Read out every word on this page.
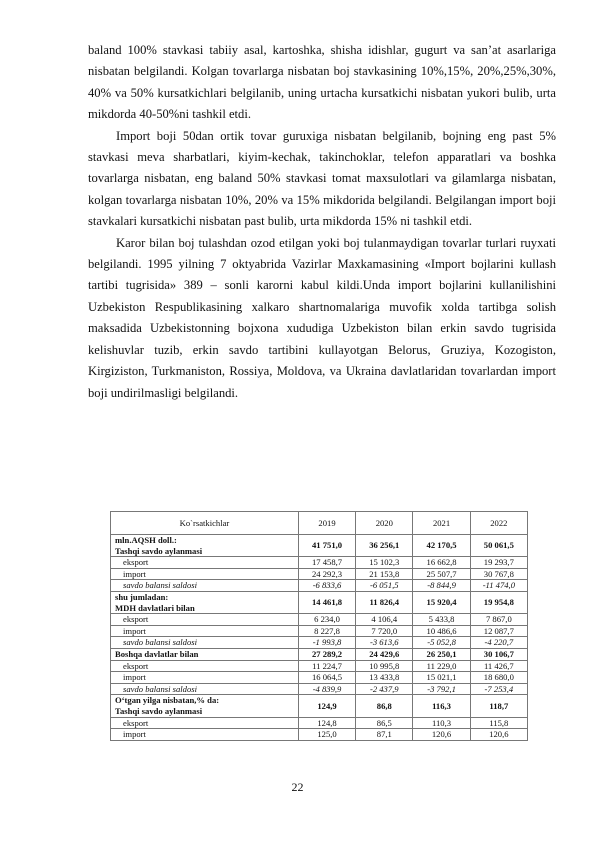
baland 100% stavkasi tabiiy asal, kartoshka, shisha idishlar, gugurt va san’at asarlariga nisbatan belgilandi. Kolgan tovarlarga nisbatan boj stavkasining 10%,15%, 20%,25%,30%, 40% va 50% kursatkichlari belgilanib, uning urtacha kursatkichi nisbatan yukori bulib, urta mikdorda 40-50%ni tashkil etdi.

Import boji 50dan ortik tovar guruxiga nisbatan belgilanib, bojning eng past 5% stavkasi meva sharbatlari, kiyim-kechak, takinchoklar, telefon apparatlari va boshka tovarlarga nisbatan, eng baland 50% stavkasi tomat maxsulotlari va gilamlarga nisbatan, kolgan tovarlarga nisbatan 10%, 20% va 15% mikdorida belgilandi. Belgilangan import boji stavkalari kursatkichi nisbatan past bulib, urta mikdorda 15% ni tashkil etdi.

Karor bilan boj tulashdan ozod etilgan yoki boj tulanmaydigan tovarlar turlari ruyxati belgilandi. 1995 yilning 7 oktyabrida Vazirlar Maxkamasining «Import bojlarini kullash tartibi tugrisida» 389 – sonli karorni kabul kildi.Unda import bojlarini kullanilishini Uzbekiston Respublikasining xalkaro shartnomalariga muvofik xolda tartibga solish maksadida Uzbekistonning bojxona xududiga Uzbekiston bilan erkin savdo tugrisida kelishuvlar tuzib, erkin savdo tartibini kullayotgan Belorus, Gruziya, Kozogiston, Kirgiziston, Turkmaniston, Rossiya, Moldova, va Ukraina davlatlaridan tovarlardan import boji undirilmasligi belgilandi.

Ko`rsatkichlar	2019	2020	2021	2022
mln.AQSH doll.:
Tashqi savdo aylanmasi	41 751,0	36 256,1	42 170,5	50 061,5
eksport	17 458,7	15 102,3	16 662,8	19 293,7
import	24 292,3	21 153,8	25 507,7	30 767,8
savdo balansi saldosi	-6 833,6	-6 051,5	-8 844,9	-11 474,0
shu jumladan:
MDH davlatlari bilan	14 461,8	11 826,4	15 920,4	19 954,8
eksport	6 234,0	4 106,4	5 433,8	7 867,0
import	8 227,8	7 720,0	10 486,6	12 087,7
savdo balansi saldosi	-1 993,8	-3 613,6	-5 052,8	-4 220,7
Boshqa davlatlar bilan	27 289,2	24 429,6	26 250,1	30 106,7
eksport	11 224,7	10 995,8	11 229,0	11 426,7
import	16 064,5	13 433,8	15 021,1	18 680,0
savdo balansi saldosi	-4 839,9	-2 437,9	-3 792,1	-7 253,4
O‘tgan yilga nisbatan,% da:
Tashqi savdo aylanmasi	124,9	86,8	116,3	118,7
eksport	124,8	86,5	110,3	115,8
import	125,0	87,1	120,6	120,6
22
